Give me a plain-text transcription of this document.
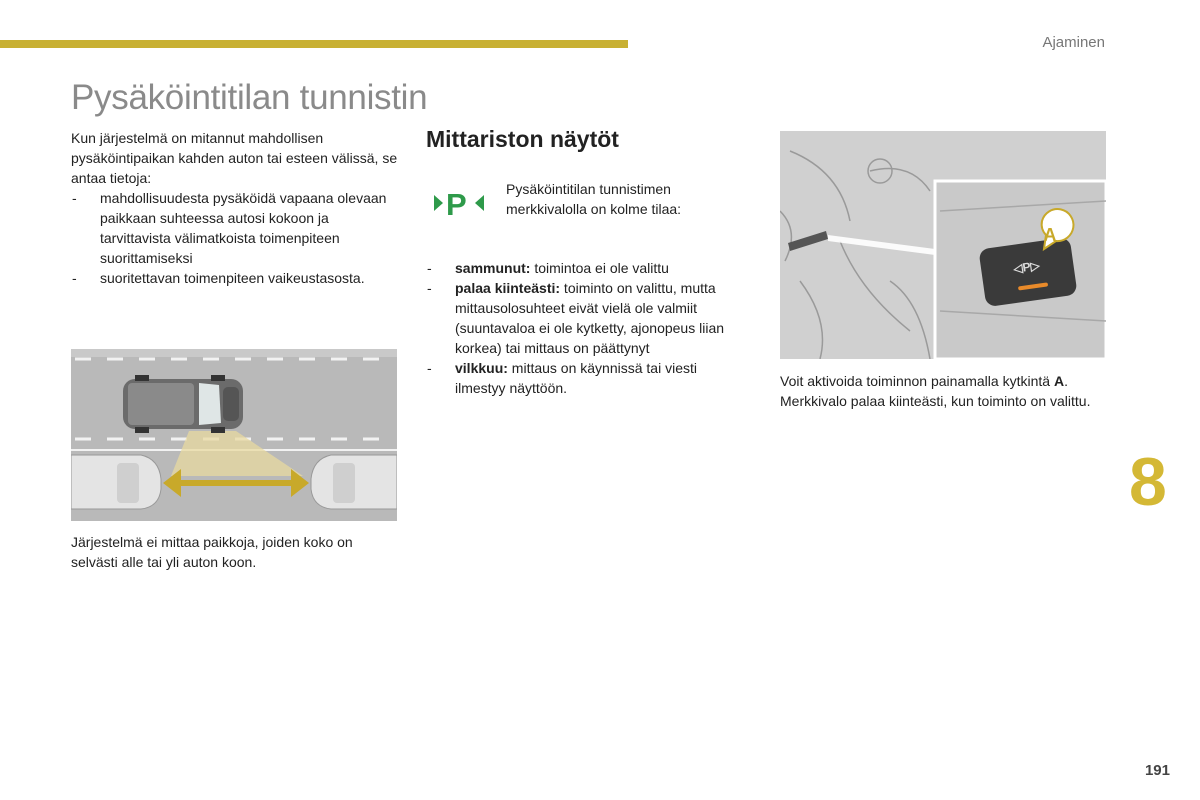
Ajaminen
Pysäköintitilan tunnistin

Kun järjestelmä on mitannut mahdollisen pysäköintipaikan kahden auton tai esteen välissä, se antaa tietoja:

- mahdollisuudesta pysäköidä vapaana olevaan paikkaan suhteessa autosi kokoon ja tarvittavista välimatkoista toimenpiteen suorittamiseksi
- suoritettavan toimenpiteen vaikeustasosta.
Järjestelmä ei mittaa paikkoja, joiden koko on selvästi alle tai yli auton koon.
Mittariston näytöt
P	Pysäköintitilan tunnistimen merkkivalolla on kolme tilaa:
- sammunut: toimintoa ei ole valittu
- palaa kiinteästi: toiminto on valittu, mutta mittausolosuhteet eivät vielä ole valmiit (suuntavaloa ei ole kytketty, ajonopeus liian korkea) tai mittaus on päättynyt
- vilkkuu: mittaus on käynnissä tai viesti ilmestyy näyttöön.
◁P▷
A
Voit aktivoida toiminnon painamalla kytkintä A. Merkkivalo palaa kiinteästi, kun toiminto on valittu.
8
191
